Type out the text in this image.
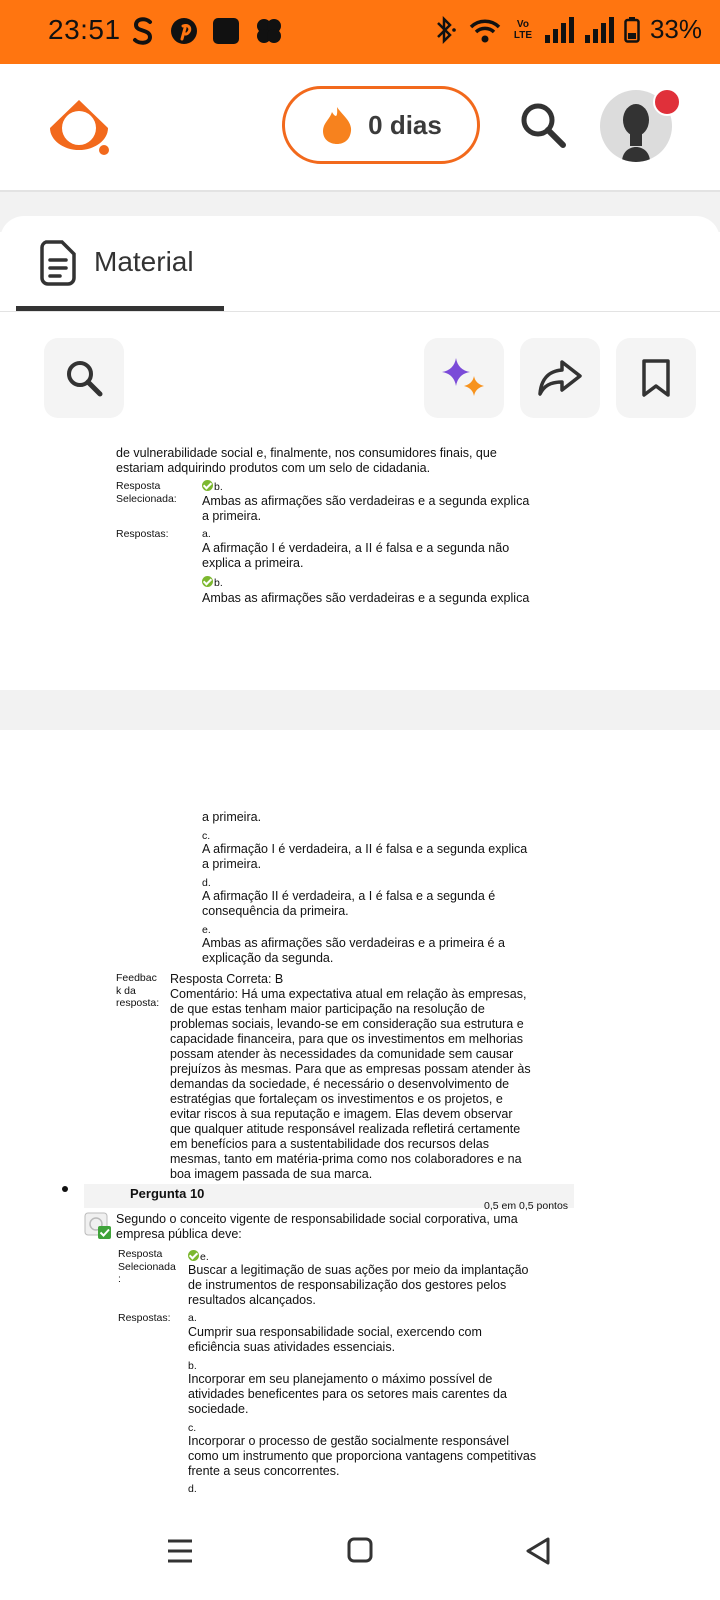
23:51	Vo LTE	33%
0 dias
Material
de vulnerabilidade social e, finalmente, nos consumidores finais, que
estariam adquirindo produtos com um selo de cidadania.
Resposta
Selecionada:
b.
Ambas as afirmações são verdadeiras e a segunda explica
a primeira.
Respostas:	a.
A afirmação I é verdadeira, a II é falsa e a segunda não
explica a primeira.
b.
Ambas as afirmações são verdadeiras e a segunda explica
a primeira.
c.
A afirmação I é verdadeira, a II é falsa e a segunda explica
a primeira.
d.
A afirmação II é verdadeira, a I é falsa e a segunda é
consequência da primeira.
e.
Ambas as afirmações são verdadeiras e a primeira é a
explicação da segunda.
Feedbac
k da
resposta:
Resposta Correta: B
Comentário: Há uma expectativa atual em relação às empresas,
de que estas tenham maior participação na resolução de
problemas sociais, levando-se em consideração sua estrutura e
capacidade financeira, para que os investimentos em melhorias
possam atender às necessidades da comunidade sem causar
prejuízos às mesmas. Para que as empresas possam atender às
demandas da sociedade, é necessário o desenvolvimento de
estratégias que fortaleçam os investimentos e os projetos, e
evitar riscos à sua reputação e imagem. Elas devem observar
que qualquer atitude responsável realizada refletirá certamente
em benefícios para a sustentabilidade dos recursos delas
mesmas, tanto em matéria-prima como nos colaboradores e na
boa imagem passada de sua marca.
Pergunta 10
0,5 em 0,5 pontos
Segundo o conceito vigente de responsabilidade social corporativa, uma
empresa pública deve:
Resposta
Selecionada
:
e.
Buscar a legitimação de suas ações por meio da implantação
de instrumentos de responsabilização dos gestores pelos
resultados alcançados.
Respostas: a.
Cumprir sua responsabilidade social, exercendo com
eficiência suas atividades essenciais.
b.
Incorporar em seu planejamento o máximo possível de
atividades beneficentes para os setores mais carentes da
sociedade.
c.
Incorporar o processo de gestão socialmente responsável
como um instrumento que proporciona vantagens competitivas
frente a seus concorrentes.
d.
